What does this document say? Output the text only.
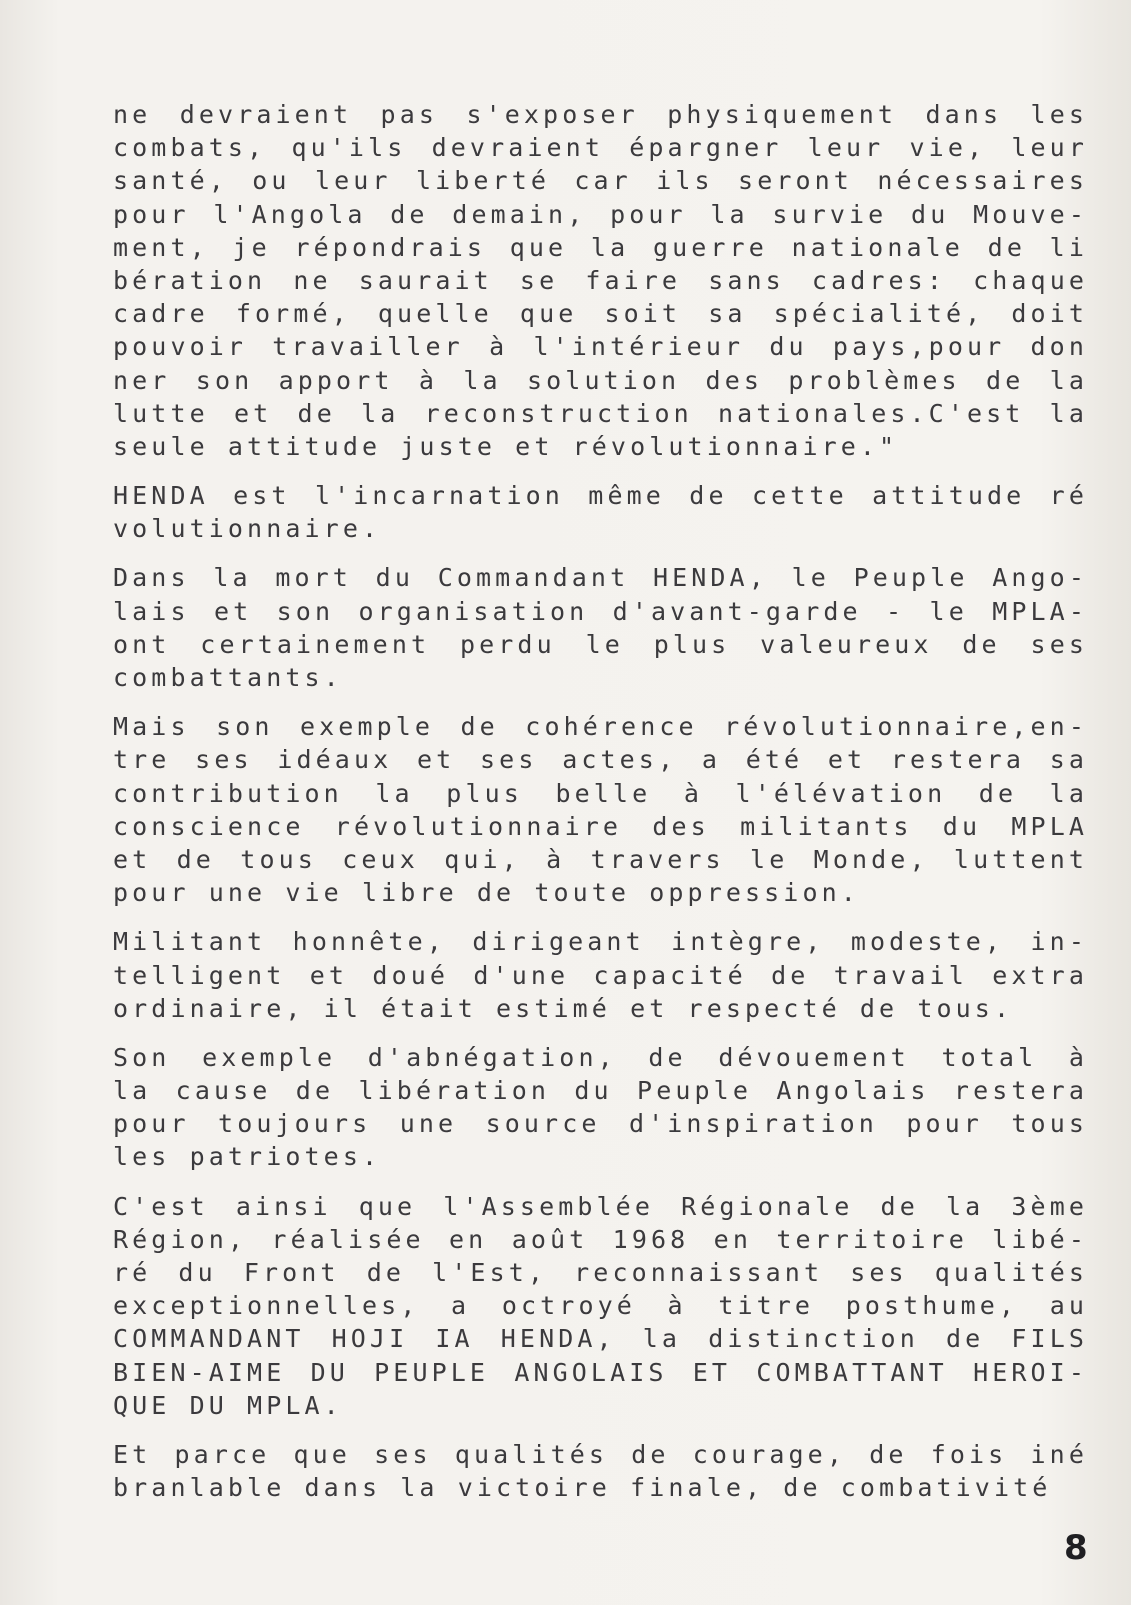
ne devraient pas s'exposer physiquement dans les
combats, qu'ils devraient épargner leur vie, leur
santé, ou leur liberté car ils seront nécessaires
pour l'Angola de demain, pour la survie du Mouve-
ment, je répondrais que la guerre nationale de li
bération ne saurait se faire sans cadres: chaque
cadre formé, quelle que soit sa spécialité, doit
pouvoir travailler à l'intérieur du pays,pour don
ner son apport à la solution des problèmes de la
lutte et de la reconstruction nationales.C'est la
seule attitude juste et révolutionnaire."
HENDA est l'incarnation même de cette attitude ré
volutionnaire.
Dans la mort du Commandant HENDA, le Peuple Ango-
lais et son organisation d'avant-garde - le MPLA-
ont certainement perdu le plus valeureux de ses
combattants.
Mais son exemple de cohérence révolutionnaire,en-
tre ses idéaux et ses actes, a été et restera sa
contribution la plus belle à l'élévation de la
conscience révolutionnaire des militants du MPLA
et de tous ceux qui, à travers le Monde, luttent
pour une vie libre de toute oppression.
Militant honnête, dirigeant intègre, modeste, in-
telligent et doué d'une capacité de travail extra
ordinaire, il était estimé et respecté de tous.
Son exemple d'abnégation, de dévouement total à
la cause de libération du Peuple Angolais restera
pour toujours une source d'inspiration pour tous
les patriotes.
C'est ainsi que l'Assemblée Régionale de la 3ème
Région, réalisée en août 1968 en territoire libé-
ré du Front de l'Est, reconnaissant ses qualités
exceptionnelles, a octroyé à titre posthume, au
COMMANDANT HOJI IA HENDA, la distinction de FILS
BIEN-AIME DU PEUPLE ANGOLAIS ET COMBATTANT HEROI-
QUE DU MPLA.
Et parce que ses qualités de courage, de fois iné
branlable dans la victoire finale, de combativité
8
